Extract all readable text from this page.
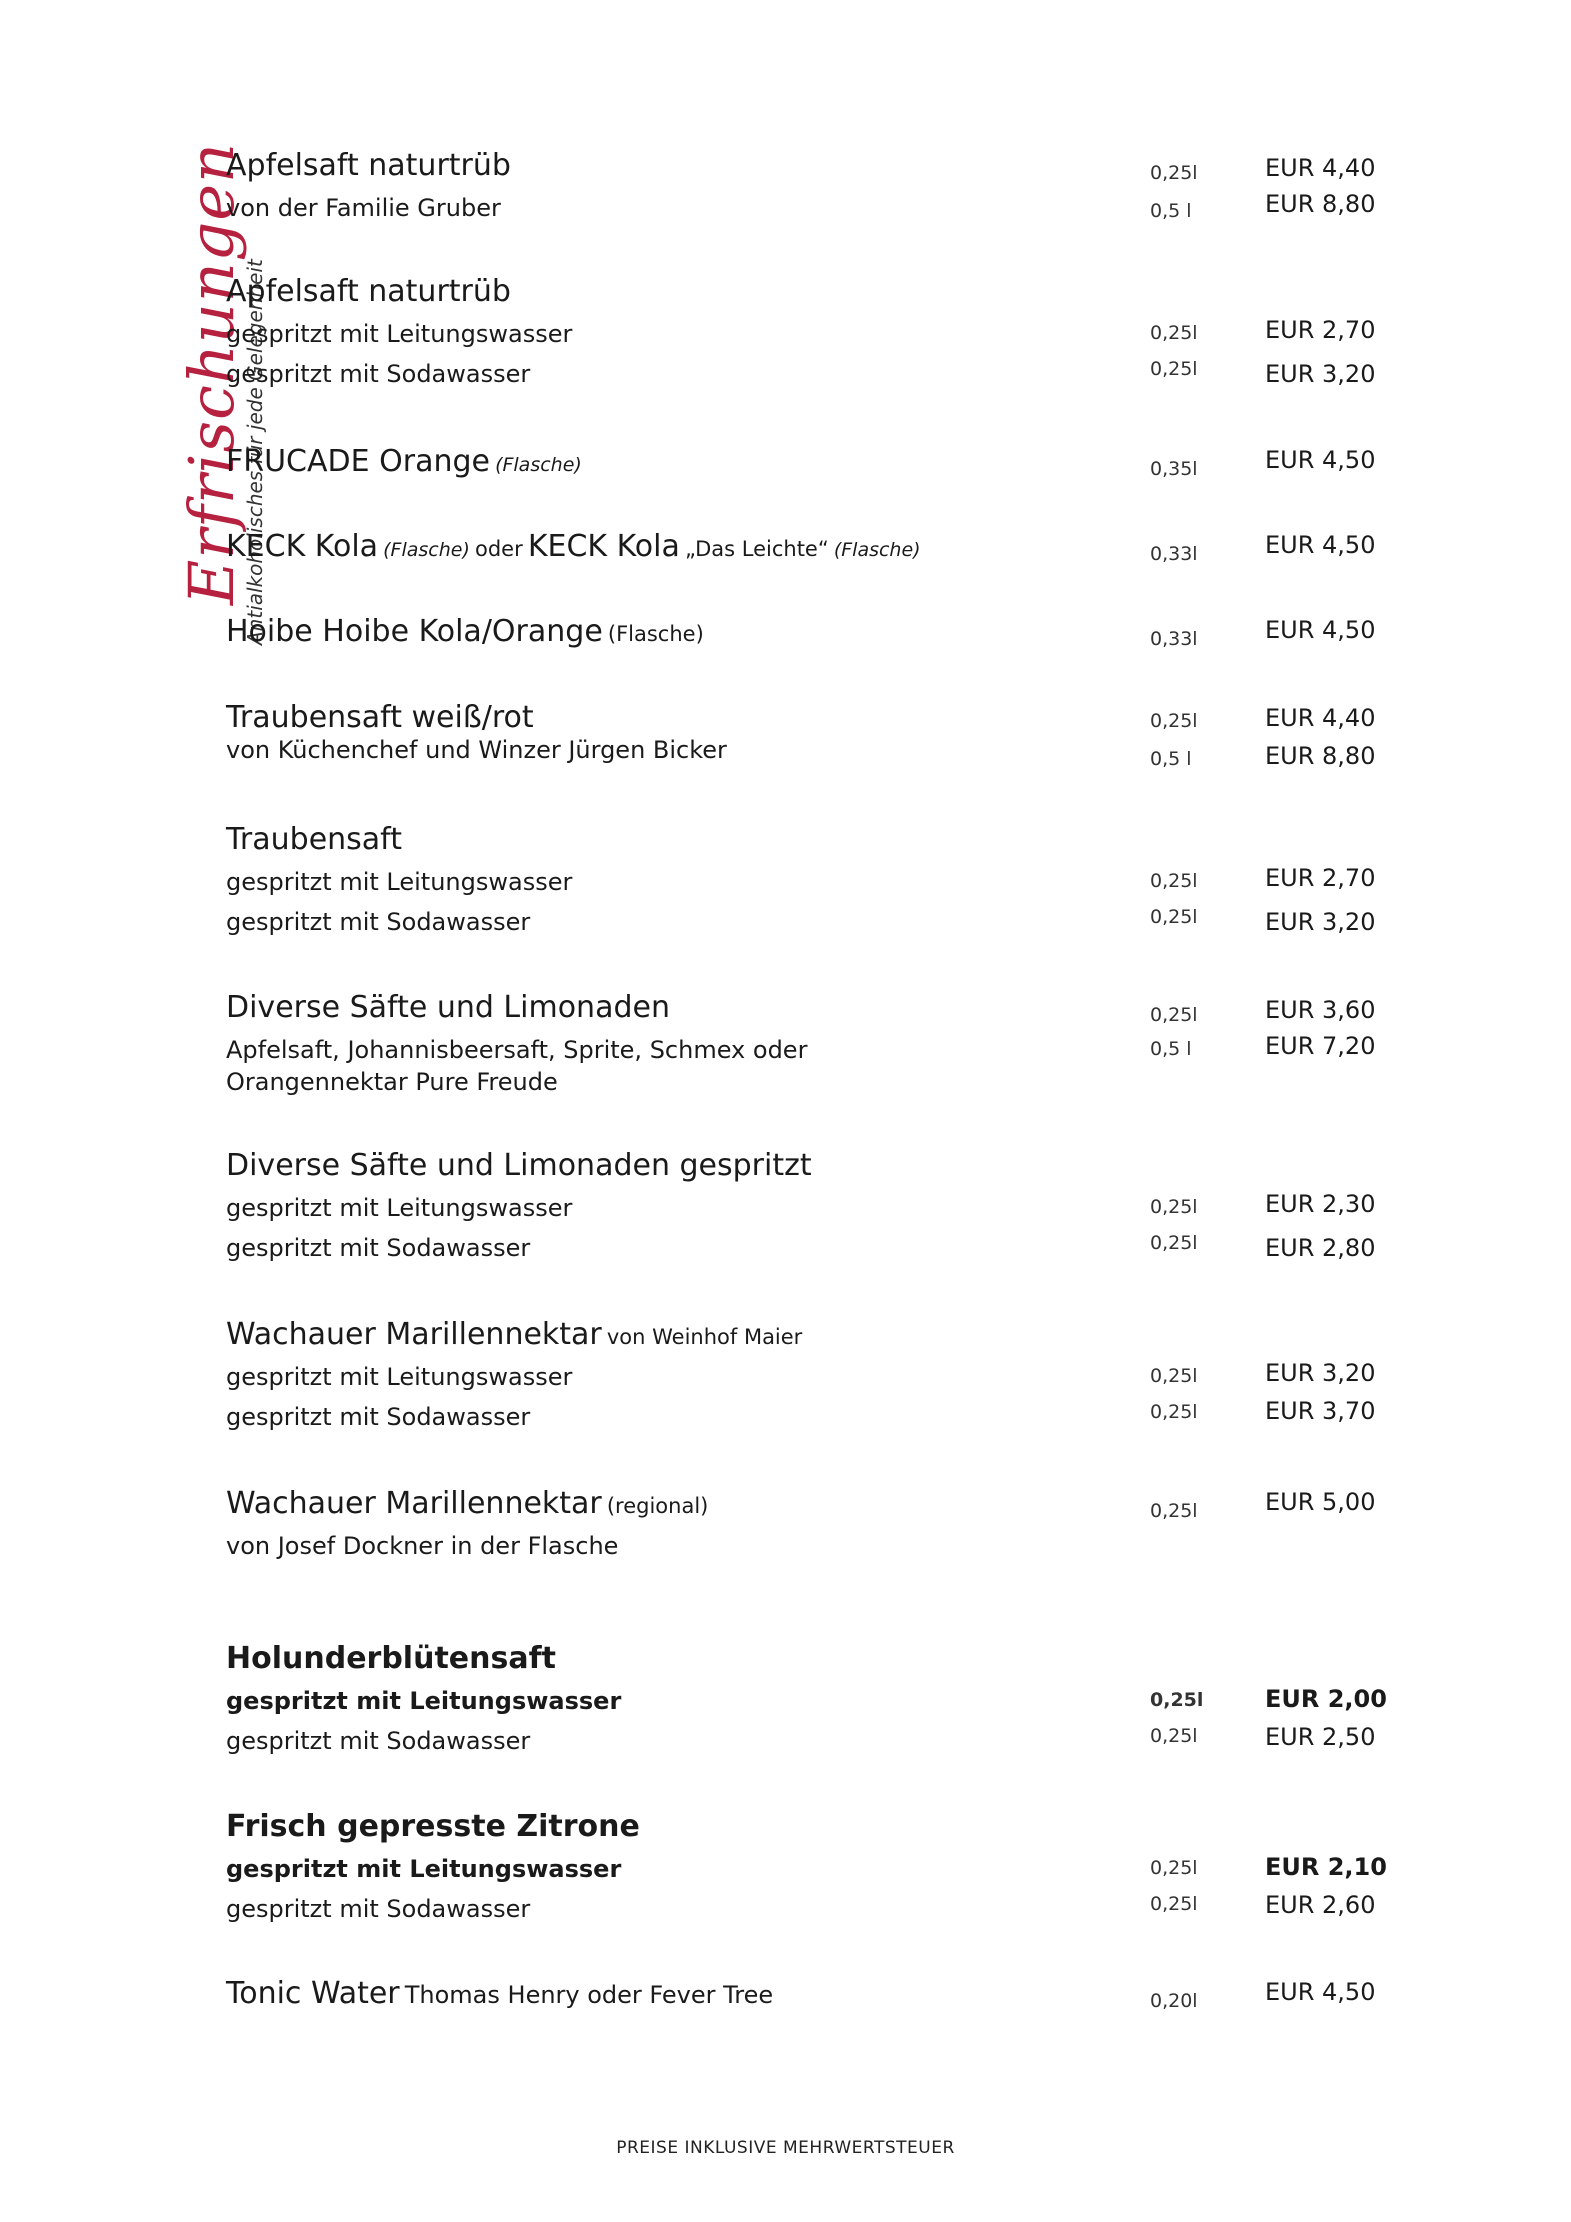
Erfrischungen
Antialkoholisches für jede Gelegenheit
Apfelsaft naturtrüb	0,25l	EUR 4,40
von der Familie Gruber	0,5 l	EUR 8,80
Apfelsaft naturtrüb
gespritzt mit Leitungswasser	0,25l	EUR 2,70
gespritzt mit Sodawasser	0,25l	EUR 3,20
FRUCADE Orange (Flasche)	0,35l	EUR 4,50
KECK Kola (Flasche) oder KECK Kola „Das Leichte“ (Flasche)	0,33l	EUR 4,50
Hoibe Hoibe Kola/Orange (Flasche)	0,33l	EUR 4,50
Traubensaft weiß/rot	0,25l	EUR 4,40
von Küchenchef und Winzer Jürgen Bicker	0,5 l	EUR 8,80
Traubensaft
gespritzt mit Leitungswasser	0,25l	EUR 2,70
gespritzt mit Sodawasser	0,25l	EUR 3,20
Diverse Säfte und Limonaden	0,25l	EUR 3,60
Apfelsaft, Johannisbeersaft, Sprite, Schmex oder	0,5 l	EUR 7,20
Orangennektar Pure Freude
Diverse Säfte und Limonaden gespritzt
gespritzt mit Leitungswasser	0,25l	EUR 2,30
gespritzt mit Sodawasser	0,25l	EUR 2,80
Wachauer Marillennektar von Weinhof Maier
gespritzt mit Leitungswasser	0,25l	EUR 3,20
gespritzt mit Sodawasser	0,25l	EUR 3,70
Wachauer Marillennektar (regional)	0,25l	EUR 5,00
von Josef Dockner in der Flasche
Holunderblütensaft
gespritzt mit Leitungswasser	0,25l	EUR 2,00
gespritzt mit Sodawasser	0,25l	EUR 2,50
Frisch gepresste Zitrone
gespritzt mit Leitungswasser	0,25l	EUR 2,10
gespritzt mit Sodawasser	0,25l	EUR 2,60
Tonic Water Thomas Henry oder Fever Tree	0,20l	EUR 4,50
PREISE INKLUSIVE MEHRWERTSTEUER
